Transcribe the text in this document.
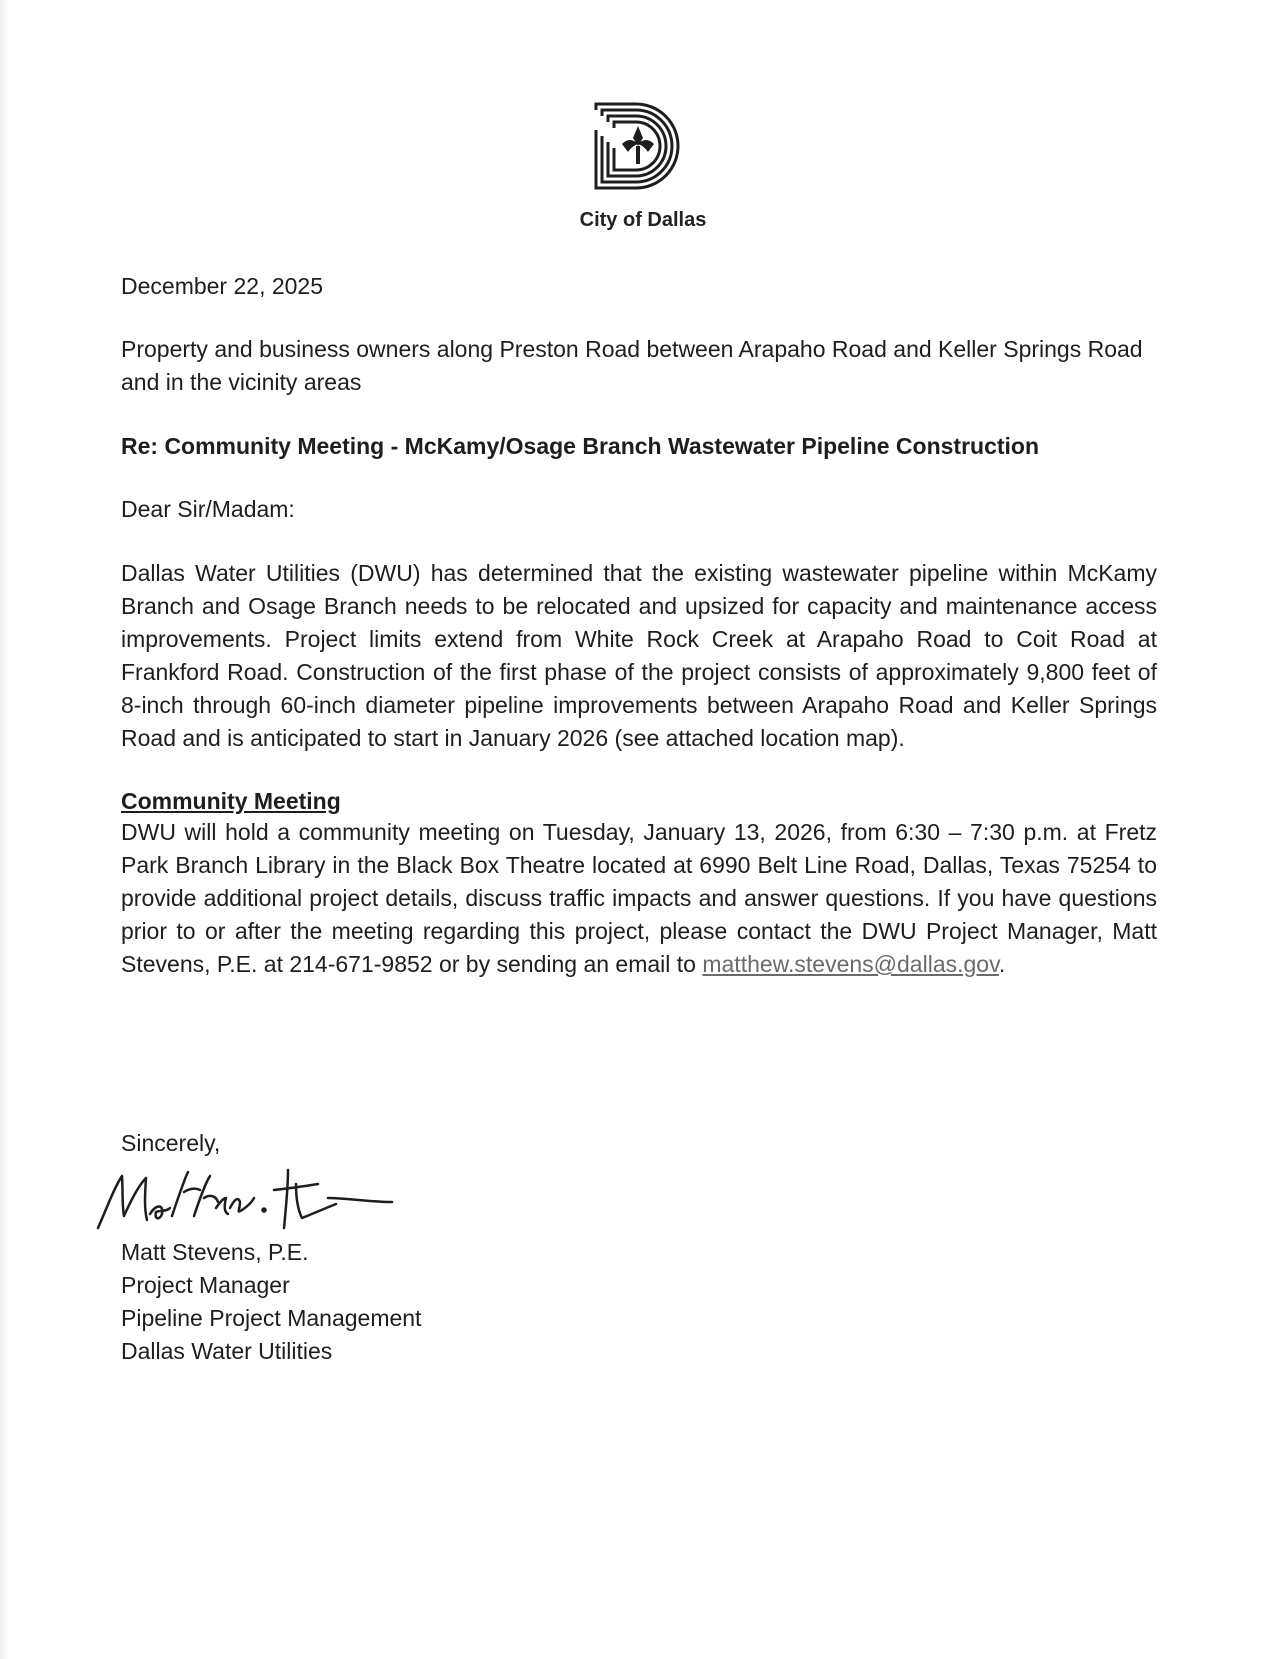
City of Dallas

December 22, 2025

Property and business owners along Preston Road between Arapaho Road and Keller Springs Road and in the vicinity areas

Re: Community Meeting - McKamy/Osage Branch Wastewater Pipeline Construction

Dear Sir/Madam:

Dallas Water Utilities (DWU) has determined that the existing wastewater pipeline within McKamy Branch and Osage Branch needs to be relocated and upsized for capacity and maintenance access improvements. Project limits extend from White Rock Creek at Arapaho Road to Coit Road at Frankford Road. Construction of the first phase of the project consists of approximately 9,800 feet of 8-inch through 60-inch diameter pipeline improvements between Arapaho Road and Keller Springs Road and is anticipated to start in January 2026 (see attached location map).

Community Meeting

DWU will hold a community meeting on Tuesday, January 13, 2026, from 6:30 – 7:30 p.m. at Fretz Park Branch Library in the Black Box Theatre located at 6990 Belt Line Road, Dallas, Texas 75254 to provide additional project details, discuss traffic impacts and answer questions. If you have questions prior to or after the meeting regarding this project, please contact the DWU Project Manager, Matt Stevens, P.E. at 214-671-9852 or by sending an email to matthew.stevens@dallas.gov.

Sincerely,

Matt Stevens, P.E.
Project Manager
Pipeline Project Management
Dallas Water Utilities
